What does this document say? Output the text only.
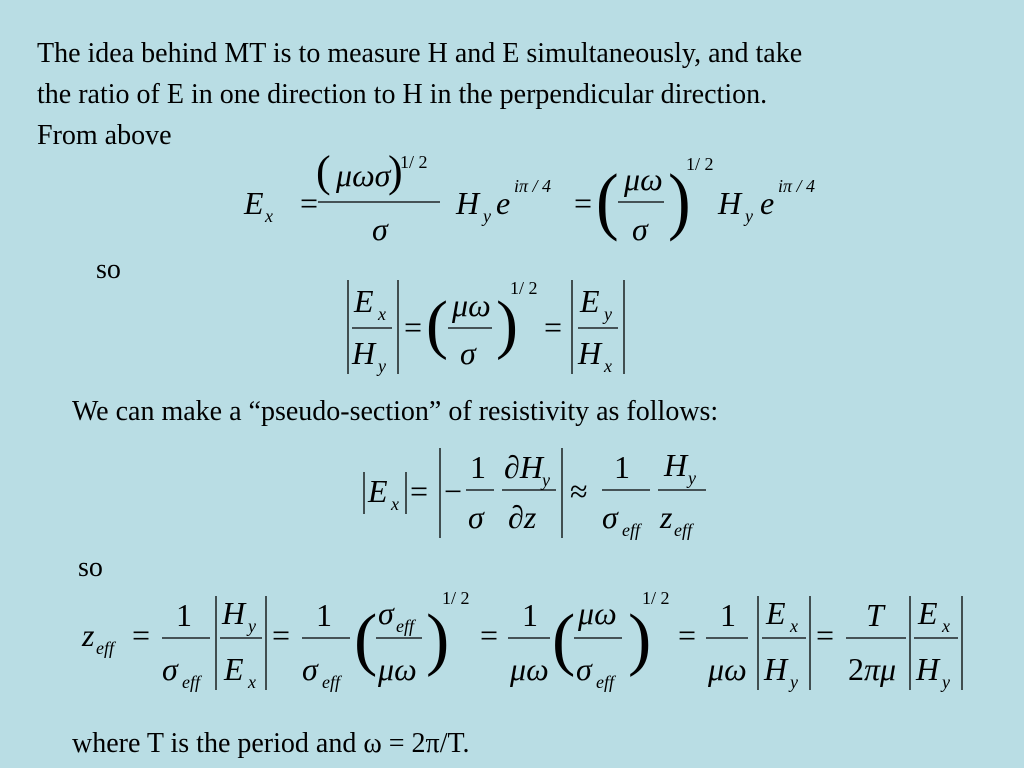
The idea behind MT is to measure H and E simultaneously, and take
the ratio of E in one direction to H in the perpendicular direction.
From above
E x =
( μωσ
)
1/ 2
σ
H y e iπ / 4 = ( μω
σ )
1/ 2
H y e iπ / 4
so
E x
H y
= ( μω
σ )
1/ 2
=
E y
H x
We can make a “pseudo-section” of resistivity as follows:
E x = −
1
σ
∂H y
∂z
≈
1
σ eff
H y
z eff
so
z eff =
1
σ eff
H y
E x
=
1
σ eff
( σ eff
μω )
1/ 2
=
1
μω ( μω
σ eff
)
1/ 2
=
1
μω
E x
H y
=
T
2 πμ
E x
H y
where T is the period and ω = 2π/T.
